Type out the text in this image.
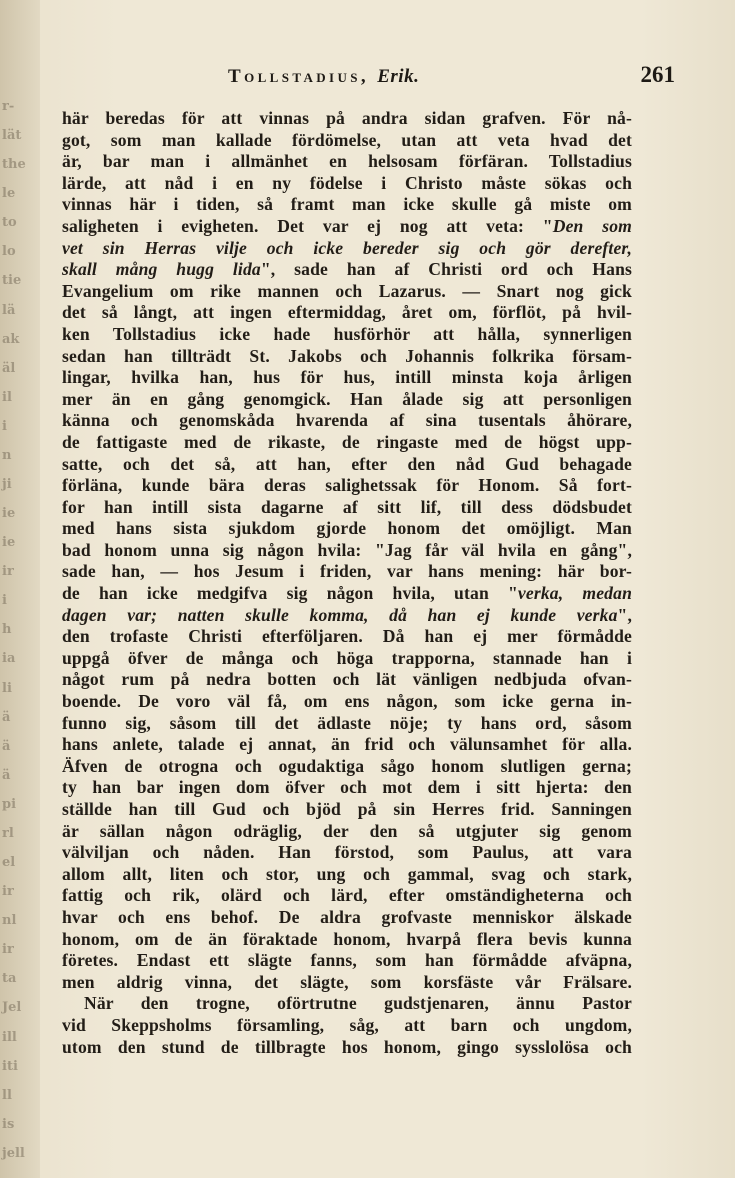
r-
lät
the
le
to
lo
tie
lä
ak
äl
il
i
n
ji
ie
ie
ir
i
h
ia
li
ä
ä
ä
pi
rl
el
ir
nl
ir
ta
Jel
ill
iti
ll
is
jell
Tollstadius, Erik.	261
här beredas för att vinnas på andra sidan grafven. För nå-
got, som man kallade fördömelse, utan att veta hvad det
är, bar man i allmänhet en helsosam förfäran. Tollstadius
lärde, att nåd i en ny födelse i Christo måste sökas och
vinnas här i tiden, så framt man icke skulle gå miste om
saligheten i evigheten. Det var ej nog att veta: "Den som
vet sin Herras vilje och icke bereder sig och gör derefter,
skall mång hugg lida", sade han af Christi ord och Hans
Evangelium om rike mannen och Lazarus. — Snart nog gick
det så långt, att ingen eftermiddag, året om, förflöt, på hvil-
ken Tollstadius icke hade husförhör att hålla, synnerligen
sedan han tillträdt St. Jakobs och Johannis folkrika försam-
lingar, hvilka han, hus för hus, intill minsta koja årligen
mer än en gång genomgick. Han ålade sig att personligen
känna och genomskåda hvarenda af sina tusentals åhörare,
de fattigaste med de rikaste, de ringaste med de högst upp-
satte, och det så, att han, efter den nåd Gud behagade
förläna, kunde bära deras salighetssak för Honom. Så fort-
for han intill sista dagarne af sitt lif, till dess dödsbudet
med hans sista sjukdom gjorde honom det omöjligt. Man
bad honom unna sig någon hvila: "Jag får väl hvila en gång",
sade han, — hos Jesum i friden, var hans mening: här bor-
de han icke medgifva sig någon hvila, utan "verka, medan
dagen var; natten skulle komma, då han ej kunde verka",
den trofaste Christi efterföljaren. Då han ej mer förmådde
uppgå öfver de många och höga trapporna, stannade han i
något rum på nedra botten och lät vänligen nedbjuda ofvan-
boende. De voro väl få, om ens någon, som icke gerna in-
funno sig, såsom till det ädlaste nöje; ty hans ord, såsom
hans anlete, talade ej annat, än frid och välunsamhet för alla.
Äfven de otrogna och ogudaktiga sågo honom slutligen gerna;
ty han bar ingen dom öfver och mot dem i sitt hjerta: den
ställde han till Gud och bjöd på sin Herres frid. Sanningen
är sällan någon odräglig, der den så utgjuter sig genom
välviljan och nåden. Han förstod, som Paulus, att vara
allom allt, liten och stor, ung och gammal, svag och stark,
fattig och rik, olärd och lärd, efter omständigheterna och
hvar och ens behof. De aldra grofvaste menniskor älskade
honom, om de än föraktade honom, hvarpå flera bevis kunna
företes. Endast ett slägte fanns, som han förmådde afväpna,
men aldrig vinna, det slägte, som korsfäste vår Frälsare.
När den trogne, oförtrutne gudstjenaren, ännu Pastor
vid Skeppsholms församling, såg, att barn och ungdom,
utom den stund de tillbragte hos honom, gingo sysslolösa och
